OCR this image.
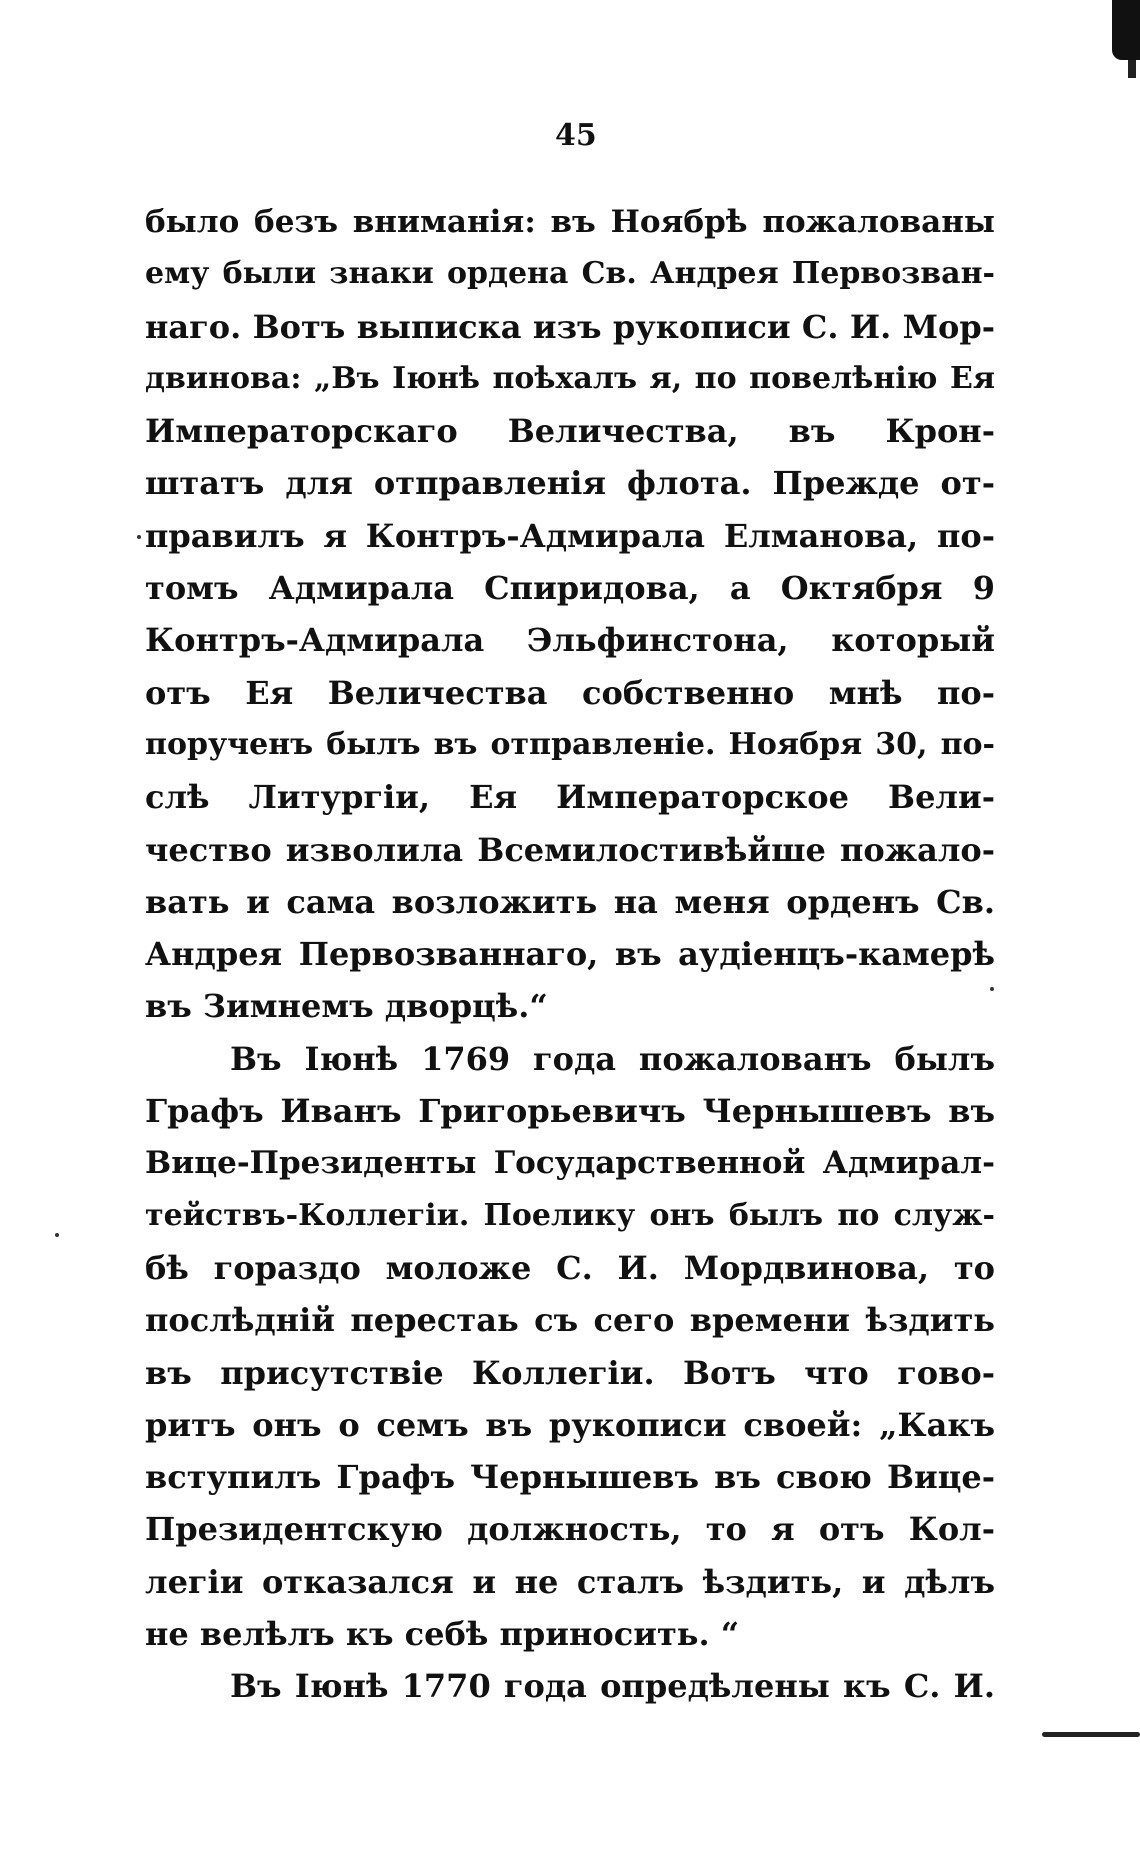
45
было безъ вниманія: въ Ноябрѣ пожалованы
ему были знаки ордена Св. Андрея Первозван-
наго. Вотъ выписка изъ рукописи С. И. Мор-
двинова: „Въ Іюнѣ поѣхалъ я, по повелѣнію Ея
Императорскаго Величества, въ Крон-
штатъ для отправленія флота. Прежде от-
правилъ я Контръ-Адмирала Елманова, по-
томъ Адмирала Спиридова, а Октября 9
Контръ-Адмирала Эльфинстона, который
отъ Ея Величества собственно мнѣ по-
порученъ былъ въ отправленіе. Ноября 30, по-
слѣ Литургіи, Ея Императорское Вели-
чество изволила Всемилостивѣйше пожало-
вать и сама возложить на меня орденъ Св.
Андрея Первозваннаго, въ аудіенцъ-камерѣ
въ Зимнемъ дворцѣ.“
Въ Іюнѣ 1769 года пожалованъ былъ
Графъ Иванъ Григорьевичъ Чернышевъ въ
Вице-Президенты Государственной Адмирал-
тействъ-Коллегіи. Поелику онъ былъ по служ-
бѣ гораздо моложе С. И. Мордвинова, то
послѣдній перестаь съ сего времени ѣздить
въ присутствіе Коллегіи. Вотъ что гово-
ритъ онъ о семъ въ рукописи своей: „Какъ
вступилъ Графъ Чернышевъ въ свою Вице-
Президентскую должность, то я отъ Кол-
легіи отказался и не сталъ ѣздить, и дѣлъ
не велѣлъ къ себѣ приносить. “
Въ Іюнѣ 1770 года опредѣлены къ С. И.
